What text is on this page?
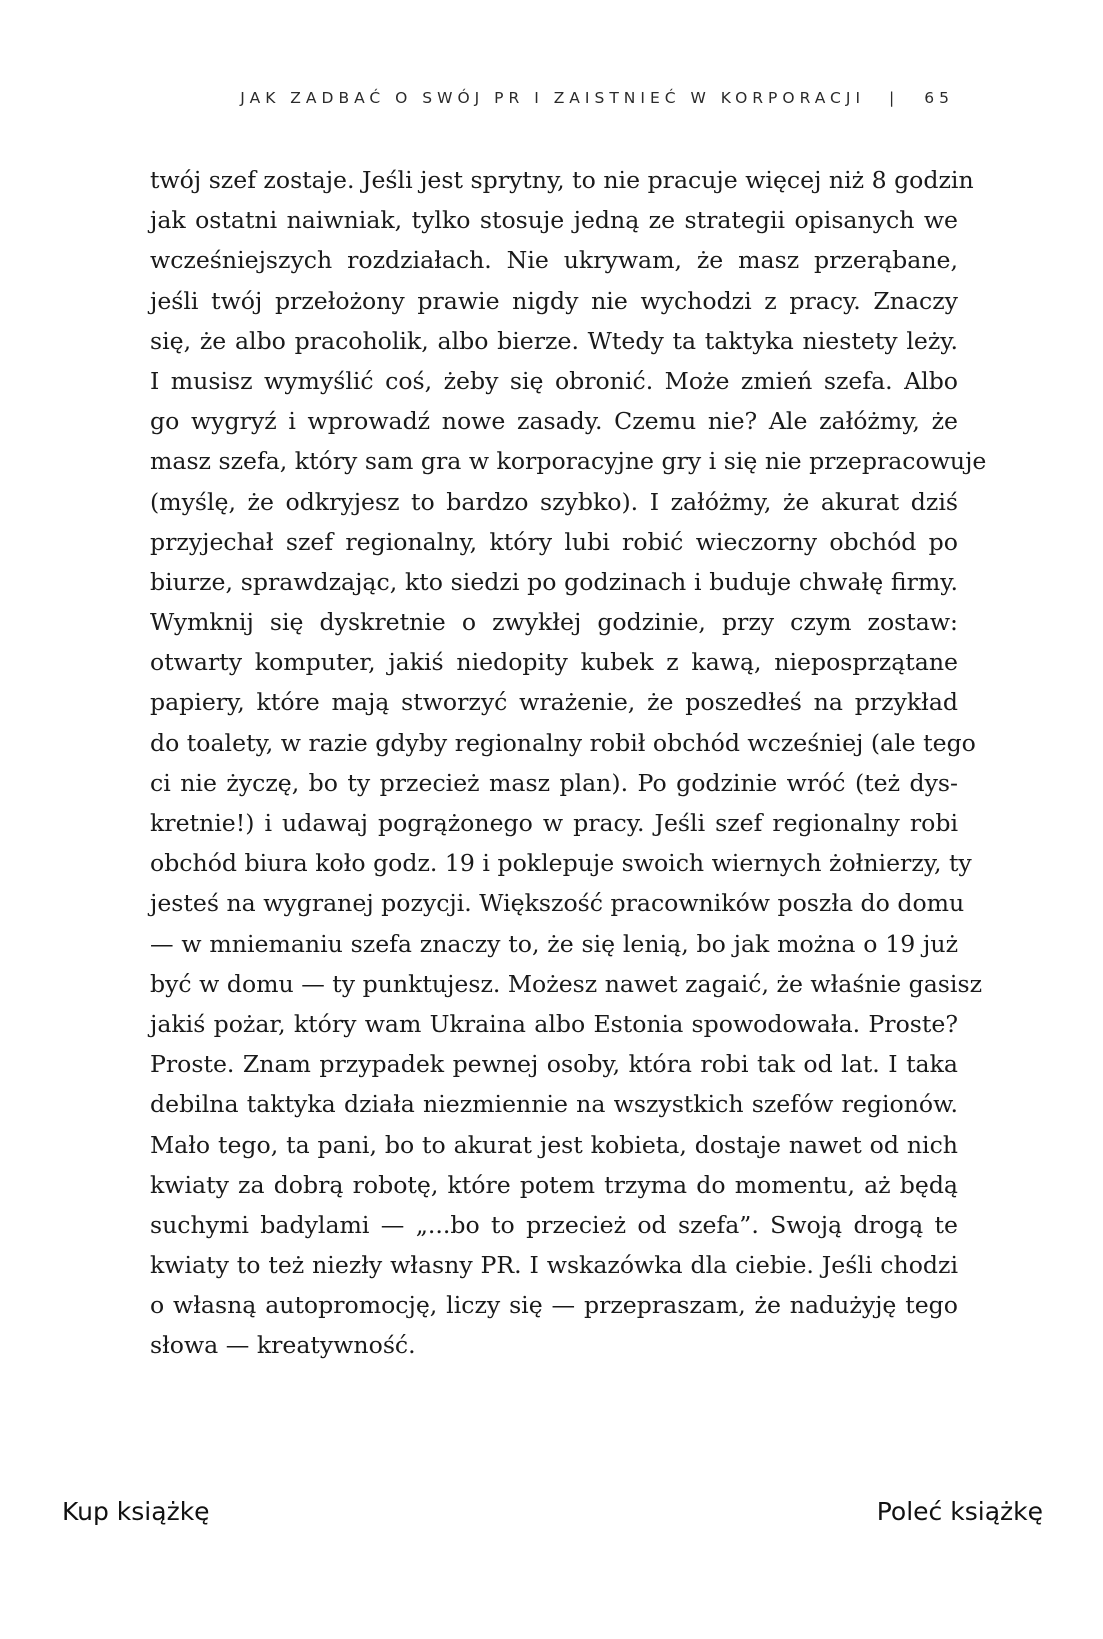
JAK ZADBAĆ O SWÓJ PR I ZAISTNIEĆ W KORPORACJI | 65
twój szef zostaje. Jeśli jest sprytny, to nie pracuje więcej niż 8 godzin
jak ostatni naiwniak, tylko stosuje jedną ze strategii opisanych we
wcześniejszych rozdziałach. Nie ukrywam, że masz przerąbane,
jeśli twój przełożony prawie nigdy nie wychodzi z pracy. Znaczy
się, że albo pracoholik, albo bierze. Wtedy ta taktyka niestety leży.
I musisz wymyślić coś, żeby się obronić. Może zmień szefa. Albo
go wygryź i wprowadź nowe zasady. Czemu nie? Ale załóżmy, że
masz szefa, który sam gra w korporacyjne gry i się nie przepracowuje
(myślę, że odkryjesz to bardzo szybko). I załóżmy, że akurat dziś
przyjechał szef regionalny, który lubi robić wieczorny obchód po
biurze, sprawdzając, kto siedzi po godzinach i buduje chwałę firmy.
Wymknij się dyskretnie o zwykłej godzinie, przy czym zostaw:
otwarty komputer, jakiś niedopity kubek z kawą, nieposprzątane
papiery, które mają stworzyć wrażenie, że poszedłeś na przykład
do toalety, w razie gdyby regionalny robił obchód wcześniej (ale tego
ci nie życzę, bo ty przecież masz plan). Po godzinie wróć (też dys-
kretnie!) i udawaj pogrążonego w pracy. Jeśli szef regionalny robi
obchód biura koło godz. 19 i poklepuje swoich wiernych żołnierzy, ty
jesteś na wygranej pozycji. Większość pracowników poszła do domu
— w mniemaniu szefa znaczy to, że się lenią, bo jak można o 19 już
być w domu — ty punktujesz. Możesz nawet zagaić, że właśnie gasisz
jakiś pożar, który wam Ukraina albo Estonia spowodowała. Proste?
Proste. Znam przypadek pewnej osoby, która robi tak od lat. I taka
debilna taktyka działa niezmiennie na wszystkich szefów regionów.
Mało tego, ta pani, bo to akurat jest kobieta, dostaje nawet od nich
kwiaty za dobrą robotę, które potem trzyma do momentu, aż będą
suchymi badylami — „...bo to przecież od szefa”. Swoją drogą te
kwiaty to też niezły własny PR. I wskazówka dla ciebie. Jeśli chodzi
o własną autopromocję, liczy się — przepraszam, że nadużyję tego
słowa — kreatywność.
Kup książkę	Poleć książkę
